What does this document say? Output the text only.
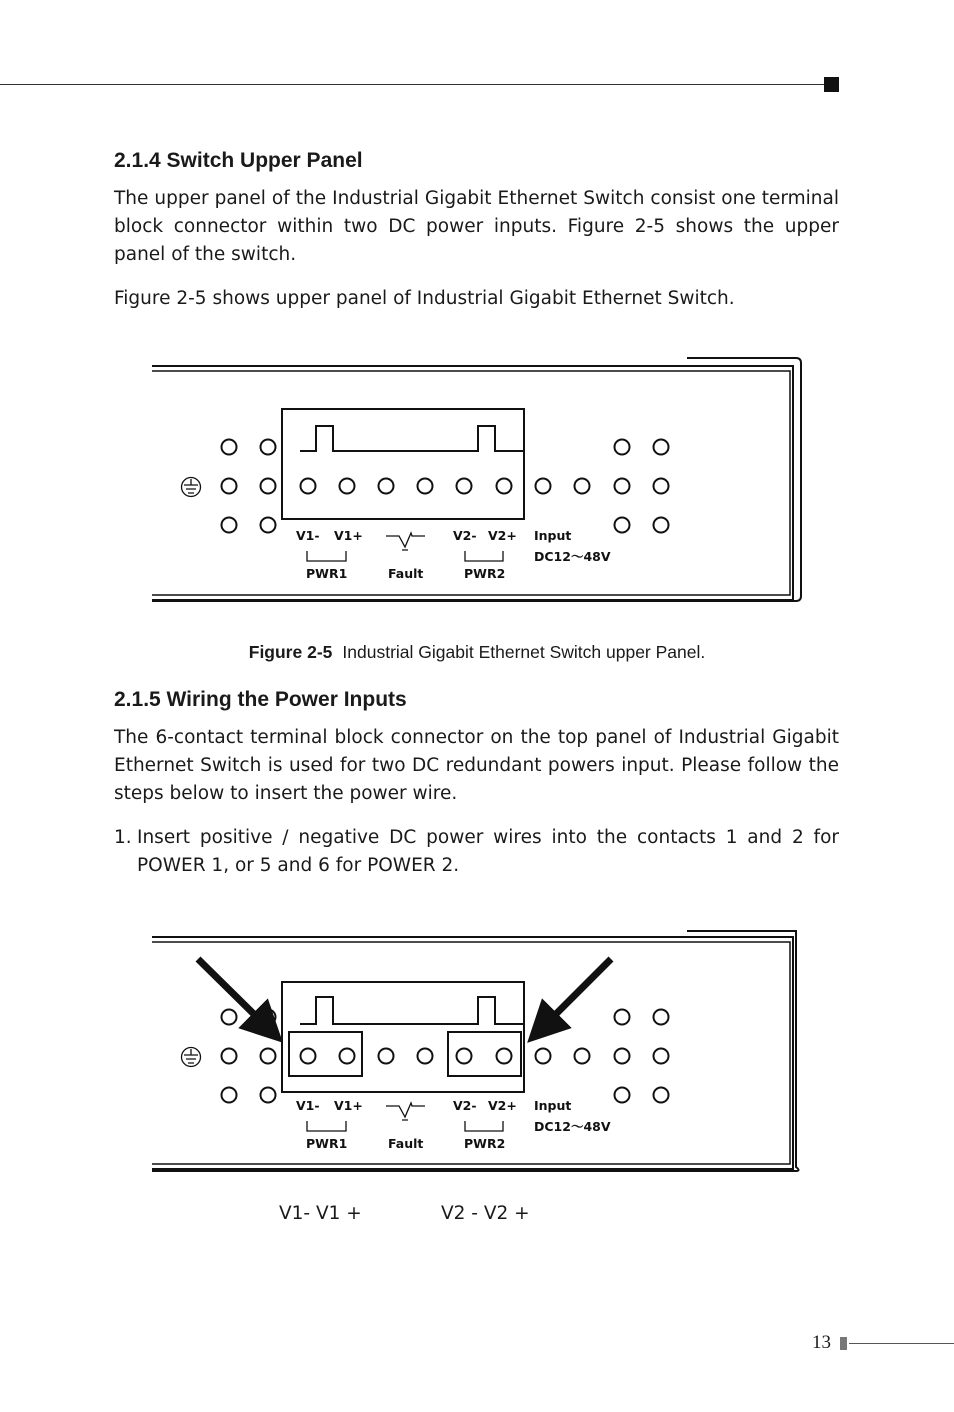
2.1.4 Switch Upper Panel

The upper panel of the Industrial Gigabit Ethernet Switch consist one terminal block connector within two DC power inputs. Figure 2-5 shows the upper panel of the switch.

Figure 2-5 shows upper panel of Industrial Gigabit Ethernet Switch.

V1- V1+	V2- V2+ Input
DC12～48V
PWR1	Fault	PWR2
Figure 2-5 Industrial Gigabit Ethernet Switch upper Panel.
2.1.5 Wiring the Power Inputs

The 6-contact terminal block connector on the top panel of Industrial Gigabit Ethernet Switch is used for two DC redundant powers input. Please follow the steps below to insert the power wire.

1. Insert positive / negative DC power wires into the contacts 1 and 2 for POWER 1, or 5 and 6 for POWER 2.

V1- V1+	V2- V2+ Input
DC12～48V
PWR1	Fault	PWR2
V1- V1 +	V2 - V2 +
13
